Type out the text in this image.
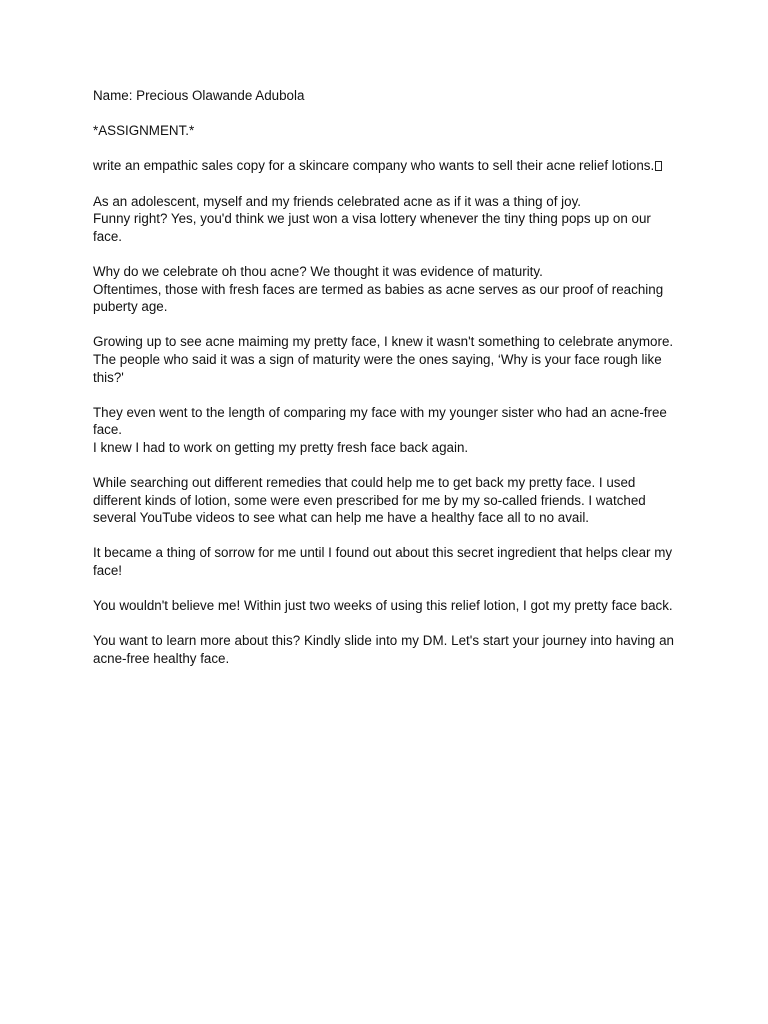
Name: Precious Olawande Adubola

*ASSIGNMENT.*

write an empathic sales copy for a skincare company who wants to sell their acne relief lotions.

As an adolescent, myself and my friends celebrated acne as if it was a thing of joy.
Funny right? Yes, you'd think we just won a visa lottery whenever the tiny thing pops up on our face.

Why do we celebrate oh thou acne? We thought it was evidence of maturity.
Oftentimes, those with fresh faces are termed as babies as acne serves as our proof of reaching puberty age.

Growing up to see acne maiming my pretty face, I knew it wasn't something to celebrate anymore.
The people who said it was a sign of maturity were the ones saying, ‘Why is your face rough like this?'

They even went to the length of comparing my face with my younger sister who had an acne-free face.
I knew I had to work on getting my pretty fresh face back again.

While searching out different remedies that could help me to get back my pretty face. I used different kinds of lotion, some were even prescribed for me by my so-called friends. I watched several YouTube videos to see what can help me have a healthy face all to no avail.

It became a thing of sorrow for me until I found out about this secret ingredient that helps clear my face!

You wouldn't believe me! Within just two weeks of using this relief lotion, I got my pretty face back.

You want to learn more about this? Kindly slide into my DM. Let's start your journey into having an acne-free healthy face.
